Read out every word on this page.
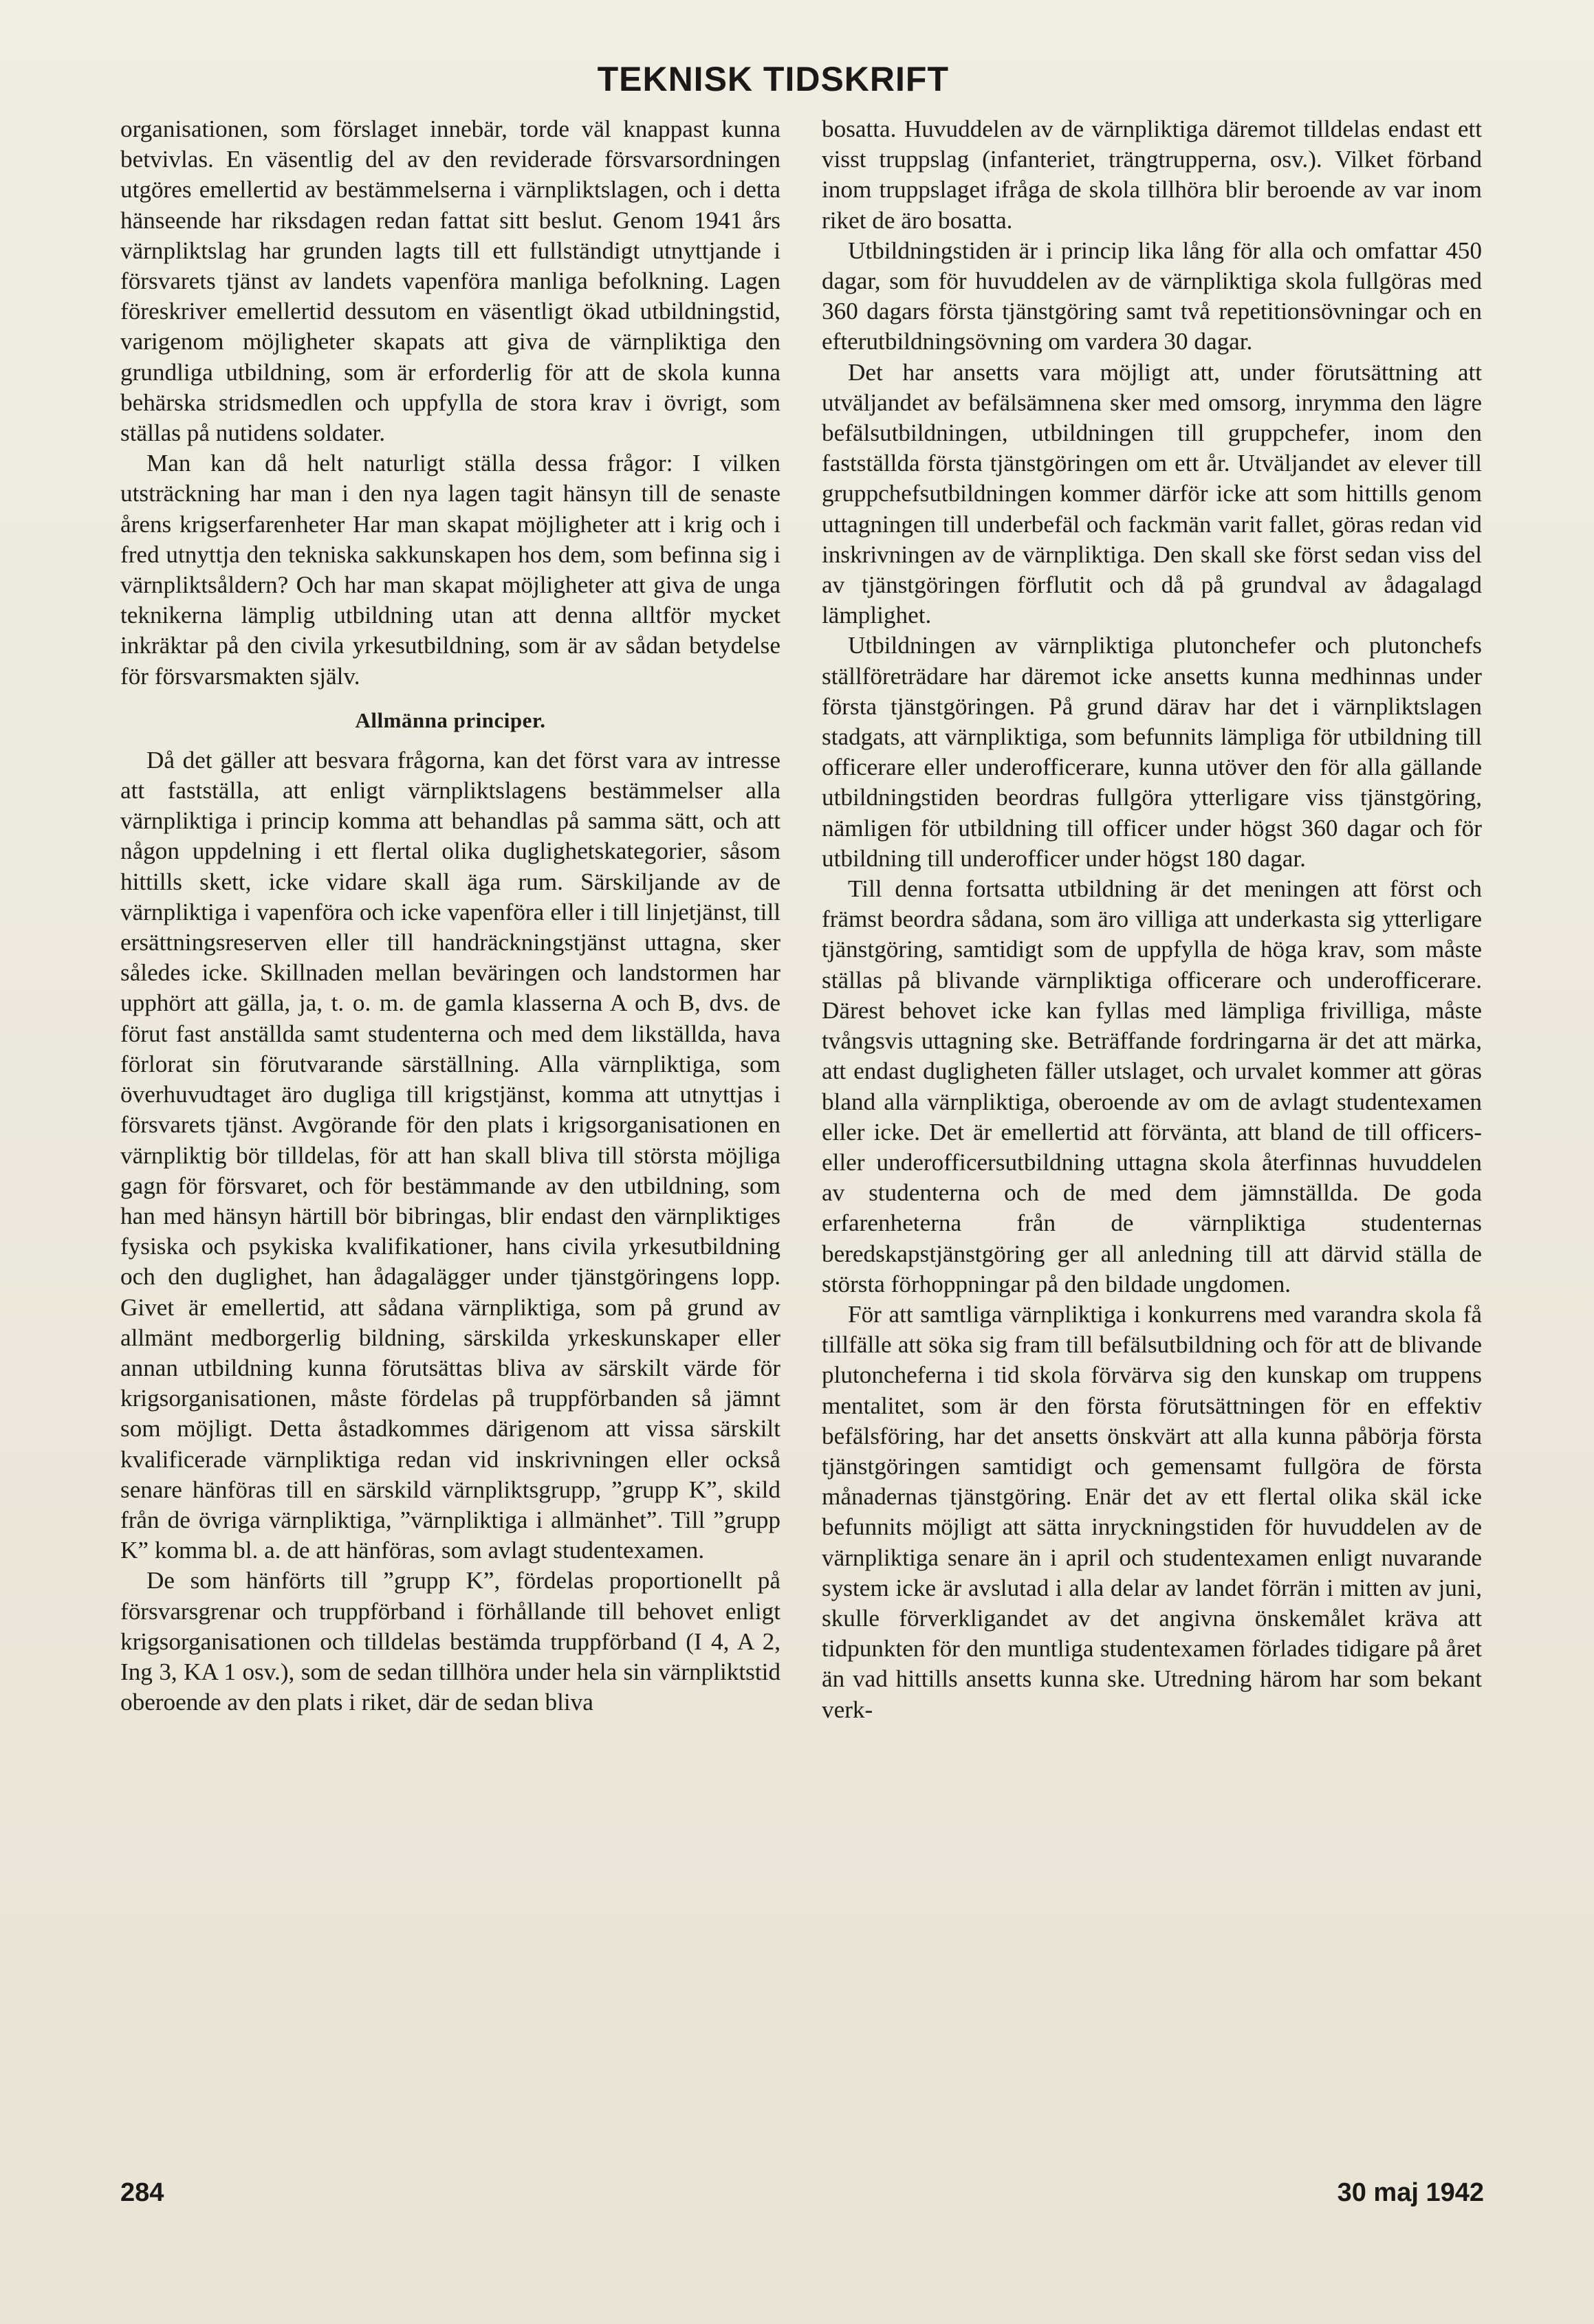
TEKNISK TIDSKRIFT

organisationen, som förslaget innebär, torde väl knappast kunna betvivlas. En väsentlig del av den reviderade försvarsordningen utgöres emellertid av bestämmelserna i värnpliktslagen, och i detta hänseende har riksdagen redan fattat sitt beslut. Genom 1941 års värnpliktslag har grunden lagts till ett fullständigt utnyttjande i försvarets tjänst av landets vapenföra manliga befolkning. Lagen föreskriver emellertid dessutom en väsentligt ökad utbildningstid, varigenom möjligheter skapats att giva de värnpliktiga den grundliga utbildning, som är erforderlig för att de skola kunna behärska stridsmedlen och uppfylla de stora krav i övrigt, som ställas på nutidens soldater.

Man kan då helt naturligt ställa dessa frågor: I vilken utsträckning har man i den nya lagen tagit hänsyn till de senaste årens krigserfarenheter Har man skapat möjligheter att i krig och i fred utnyttja den tekniska sakkunskapen hos dem, som befinna sig i värnpliktsåldern? Och har man skapat möjligheter att giva de unga teknikerna lämplig utbildning utan att denna alltför mycket inkräktar på den civila yrkesutbildning, som är av sådan betydelse för försvarsmakten själv.

Allmänna principer.

Då det gäller att besvara frågorna, kan det först vara av intresse att fastställa, att enligt värnpliktslagens bestämmelser alla värnpliktiga i princip komma att behandlas på samma sätt, och att någon uppdelning i ett flertal olika duglighetskategorier, såsom hittills skett, icke vidare skall äga rum. Särskiljande av de värnpliktiga i vapenföra och icke vapenföra eller i till linjetjänst, till ersättningsreserven eller till handräckningstjänst uttagna, sker således icke. Skillnaden mellan beväringen och landstormen har upphört att gälla, ja, t. o. m. de gamla klasserna A och B, dvs. de förut fast anställda samt studenterna och med dem likställda, hava förlorat sin förutvarande särställning. Alla värnpliktiga, som överhuvudtaget äro dugliga till krigstjänst, komma att utnyttjas i försvarets tjänst. Avgörande för den plats i krigsorganisationen en värnpliktig bör tilldelas, för att han skall bliva till största möjliga gagn för försvaret, och för bestämmande av den utbildning, som han med hänsyn härtill bör bibringas, blir endast den värnpliktiges fysiska och psykiska kvalifikationer, hans civila yrkesutbildning och den duglighet, han ådagalägger under tjänstgöringens lopp. Givet är emellertid, att sådana värnpliktiga, som på grund av allmänt medborgerlig bildning, särskilda yrkeskunskaper eller annan utbildning kunna förutsättas bliva av särskilt värde för krigsorganisationen, måste fördelas på truppförbanden så jämnt som möjligt. Detta åstadkommes därigenom att vissa särskilt kvalificerade värnpliktiga redan vid inskrivningen eller också senare hänföras till en särskild värnpliktsgrupp, ”grupp K”, skild från de övriga värnpliktiga, ”värnpliktiga i allmänhet”. Till ”grupp K” komma bl. a. de att hänföras, som avlagt studentexamen.

De som hänförts till ”grupp K”, fördelas proportionellt på försvarsgrenar och truppförband i förhållande till behovet enligt krigsorganisationen och tilldelas bestämda truppförband (I 4, A 2, Ing 3, KA 1 osv.), som de sedan tillhöra under hela sin värnpliktstid oberoende av den plats i riket, där de sedan bliva

bosatta. Huvuddelen av de värnpliktiga däremot tilldelas endast ett visst truppslag (infanteriet, trängtrupperna, osv.). Vilket förband inom truppslaget ifråga de skola tillhöra blir beroende av var inom riket de äro bosatta.

Utbildningstiden är i princip lika lång för alla och omfattar 450 dagar, som för huvuddelen av de värnpliktiga skola fullgöras med 360 dagars första tjänstgöring samt två repetitionsövningar och en efterutbildningsövning om vardera 30 dagar.

Det har ansetts vara möjligt att, under förutsättning att utväljandet av befälsämnena sker med omsorg, inrymma den lägre befälsutbildningen, utbildningen till gruppchefer, inom den fastställda första tjänstgöringen om ett år. Utväljandet av elever till gruppchefsutbildningen kommer därför icke att som hittills genom uttagningen till underbefäl och fackmän varit fallet, göras redan vid inskrivningen av de värnpliktiga. Den skall ske först sedan viss del av tjänstgöringen förflutit och då på grundval av ådagalagd lämplighet.

Utbildningen av värnpliktiga plutonchefer och plutonchefs ställföreträdare har däremot icke ansetts kunna medhinnas under första tjänstgöringen. På grund därav har det i värnpliktslagen stadgats, att värnpliktiga, som befunnits lämpliga för utbildning till officerare eller underofficerare, kunna utöver den för alla gällande utbildningstiden beordras fullgöra ytterligare viss tjänstgöring, nämligen för utbildning till officer under högst 360 dagar och för utbildning till underofficer under högst 180 dagar.

Till denna fortsatta utbildning är det meningen att först och främst beordra sådana, som äro villiga att underkasta sig ytterligare tjänstgöring, samtidigt som de uppfylla de höga krav, som måste ställas på blivande värnpliktiga officerare och underofficerare. Därest behovet icke kan fyllas med lämpliga frivilliga, måste tvångsvis uttagning ske. Beträffande fordringarna är det att märka, att endast dugligheten fäller utslaget, och urvalet kommer att göras bland alla värnpliktiga, oberoende av om de avlagt studentexamen eller icke. Det är emellertid att förvänta, att bland de till officers- eller underofficersutbildning uttagna skola återfinnas huvuddelen av studenterna och de med dem jämnställda. De goda erfarenheterna från de värnpliktiga studenternas beredskapstjänstgöring ger all anledning till att därvid ställa de största förhoppningar på den bildade ungdomen.

För att samtliga värnpliktiga i konkurrens med varandra skola få tillfälle att söka sig fram till befälsutbildning och för att de blivande plutoncheferna i tid skola förvärva sig den kunskap om truppens mentalitet, som är den första förutsättningen för en effektiv befälsföring, har det ansetts önskvärt att alla kunna påbörja första tjänstgöringen samtidigt och gemensamt fullgöra de första månadernas tjänstgöring. Enär det av ett flertal olika skäl icke befunnits möjligt att sätta inryckningstiden för huvuddelen av de värnpliktiga senare än i april och studentexamen enligt nuvarande system icke är avslutad i alla delar av landet förrän i mitten av juni, skulle förverkligandet av det angivna önskemålet kräva att tidpunkten för den muntliga studentexamen förlades tidigare på året än vad hittills ansetts kunna ske. Utredning härom har som bekant verk-

284	30 maj 1942
